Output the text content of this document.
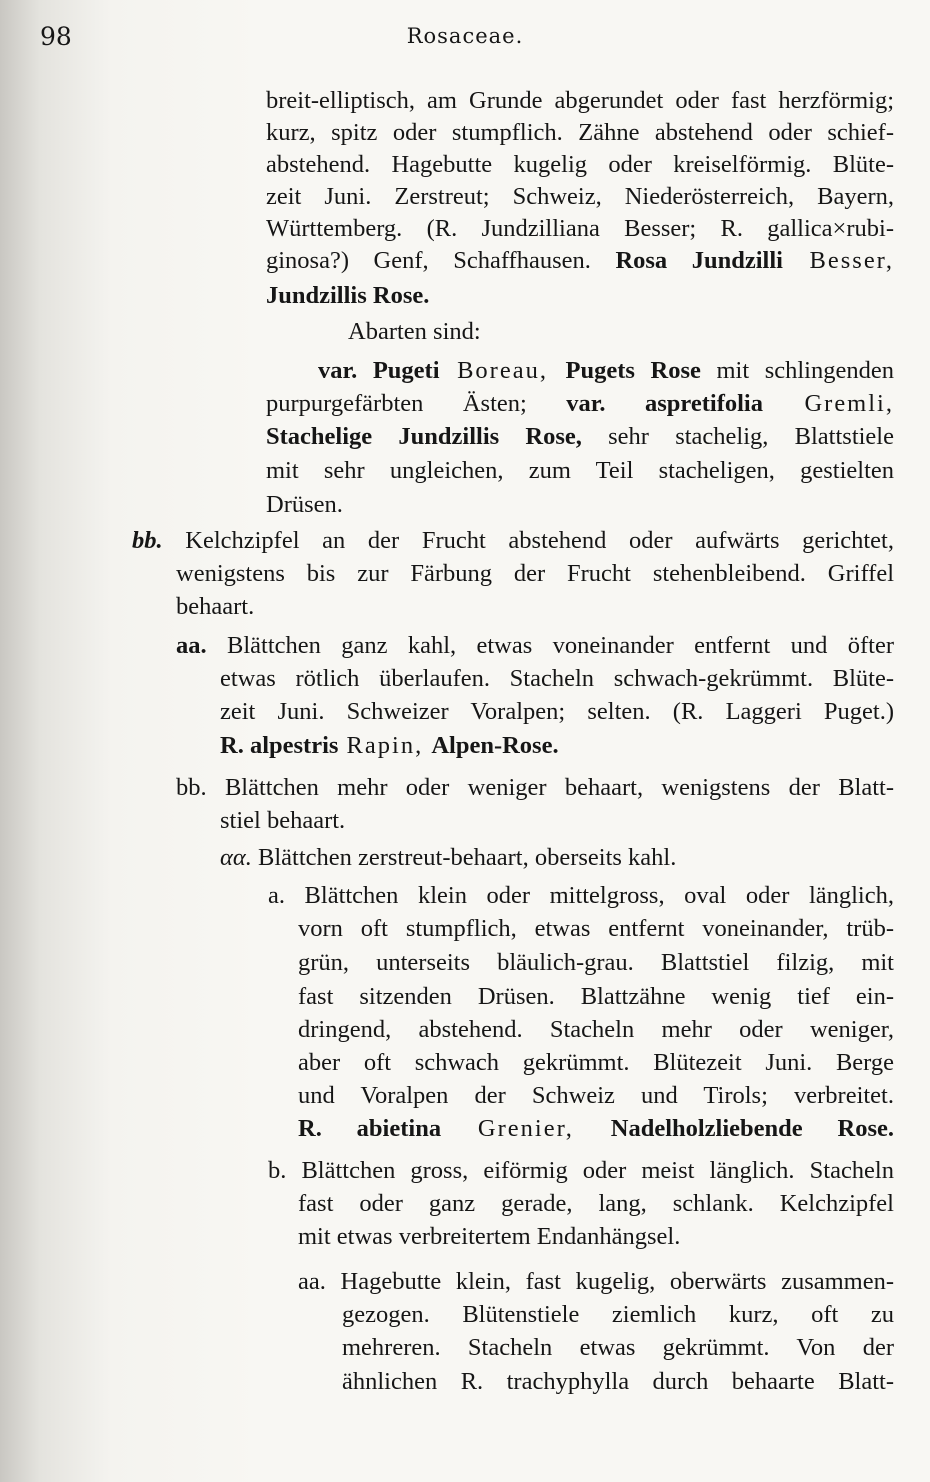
98	Rosaceae.
breit-elliptisch, am Grunde abgerundet oder fast herzförmig;
kurz, spitz oder stumpflich. Zähne abstehend oder schief-
abstehend. Hagebutte kugelig oder kreiselförmig. Blüte-
zeit Juni. Zerstreut; Schweiz, Niederösterreich, Bayern,
Württemberg. (R. Jundzilliana Besser; R. gallica×rubi-
ginosa?) Genf, Schaffhausen. Rosa Jundzilli Besser,
Jundzillis Rose.
Abarten sind:
var. Pugeti Boreau, Pugets Rose mit schlingenden
purpurgefärbten Ästen; var. aspretifolia Gremli,
Stachelige Jundzillis Rose, sehr stachelig, Blattstiele
mit sehr ungleichen, zum Teil stacheligen, gestielten
Drüsen.
bb. Kelchzipfel an der Frucht abstehend oder aufwärts gerichtet,
wenigstens bis zur Färbung der Frucht stehenbleibend. Griffel
behaart.
aa. Blättchen ganz kahl, etwas voneinander entfernt und öfter
etwas rötlich überlaufen. Stacheln schwach-gekrümmt. Blüte-
zeit Juni. Schweizer Voralpen; selten. (R. Laggeri Puget.)
R. alpestris Rapin, Alpen-Rose.
bb. Blättchen mehr oder weniger behaart, wenigstens der Blatt-
stiel behaart.
αα. Blättchen zerstreut-behaart, oberseits kahl.
a. Blättchen klein oder mittelgross, oval oder länglich,
vorn oft stumpflich, etwas entfernt voneinander, trüb-
grün, unterseits bläulich-grau. Blattstiel filzig, mit
fast sitzenden Drüsen. Blattzähne wenig tief ein-
dringend, abstehend. Stacheln mehr oder weniger,
aber oft schwach gekrümmt. Blütezeit Juni. Berge
und Voralpen der Schweiz und Tirols; verbreitet.
R. abietina Grenier, Nadelholzliebende Rose.
b. Blättchen gross, eiförmig oder meist länglich. Stacheln
fast oder ganz gerade, lang, schlank. Kelchzipfel
mit etwas verbreitertem Endanhängsel.
aa. Hagebutte klein, fast kugelig, oberwärts zusammen-
gezogen. Blütenstiele ziemlich kurz, oft zu
mehreren. Stacheln etwas gekrümmt. Von der
ähnlichen R. trachyphylla durch behaarte Blatt-
